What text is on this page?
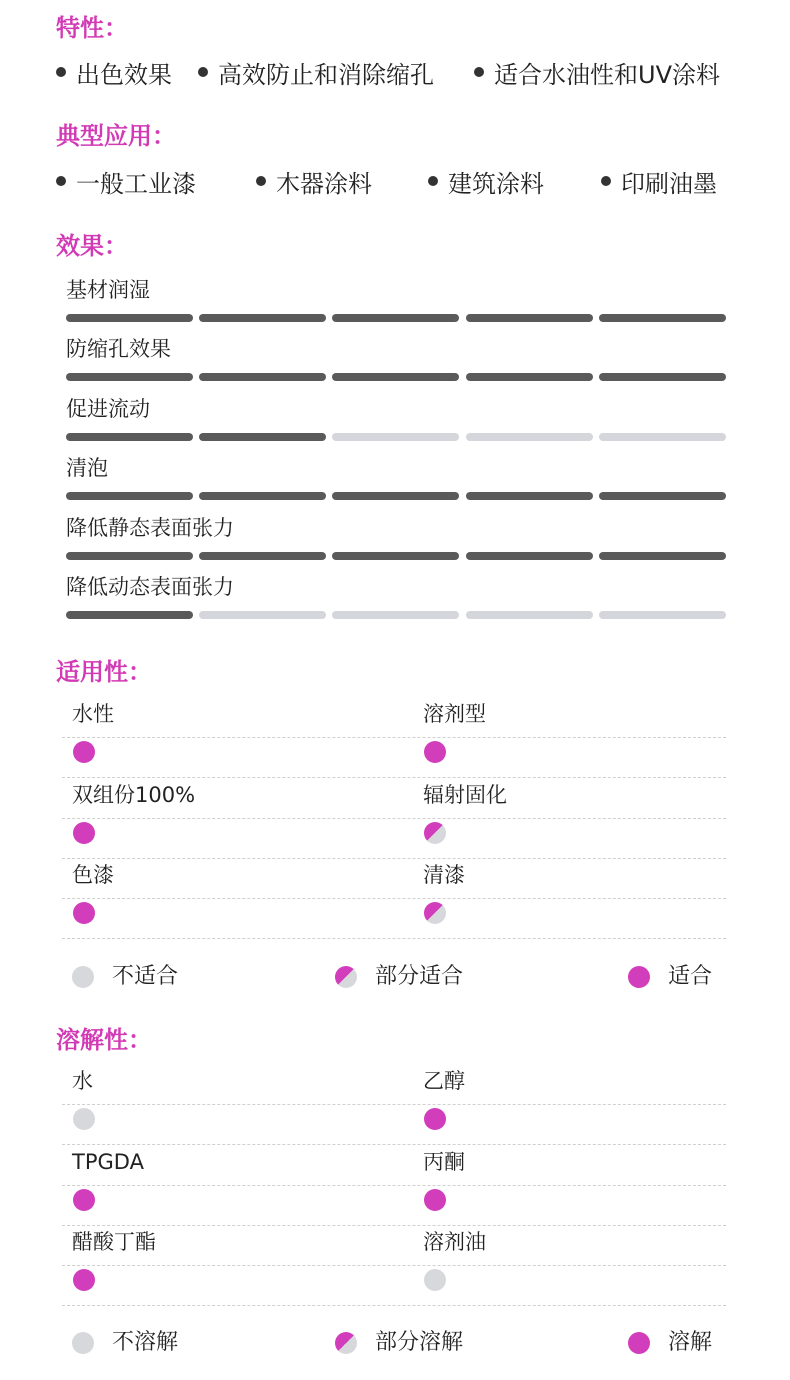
特性：
出色效果 高效防止和消除缩孔	适合水油性和UV涂料
典型应用：
一般工业漆	木器涂料	建筑涂料	印刷油墨
效果：
基材润湿
防缩孔效果
促进流动
清泡
降低静态表面张力
降低动态表面张力
适用性：
水性	溶剂型
双组份100%	辐射固化
色漆	清漆
不适合	部分适合	适合
溶解性：
水	乙醇
TPGDA	丙酮
醋酸丁酯	溶剂油
不溶解	部分溶解	溶解
